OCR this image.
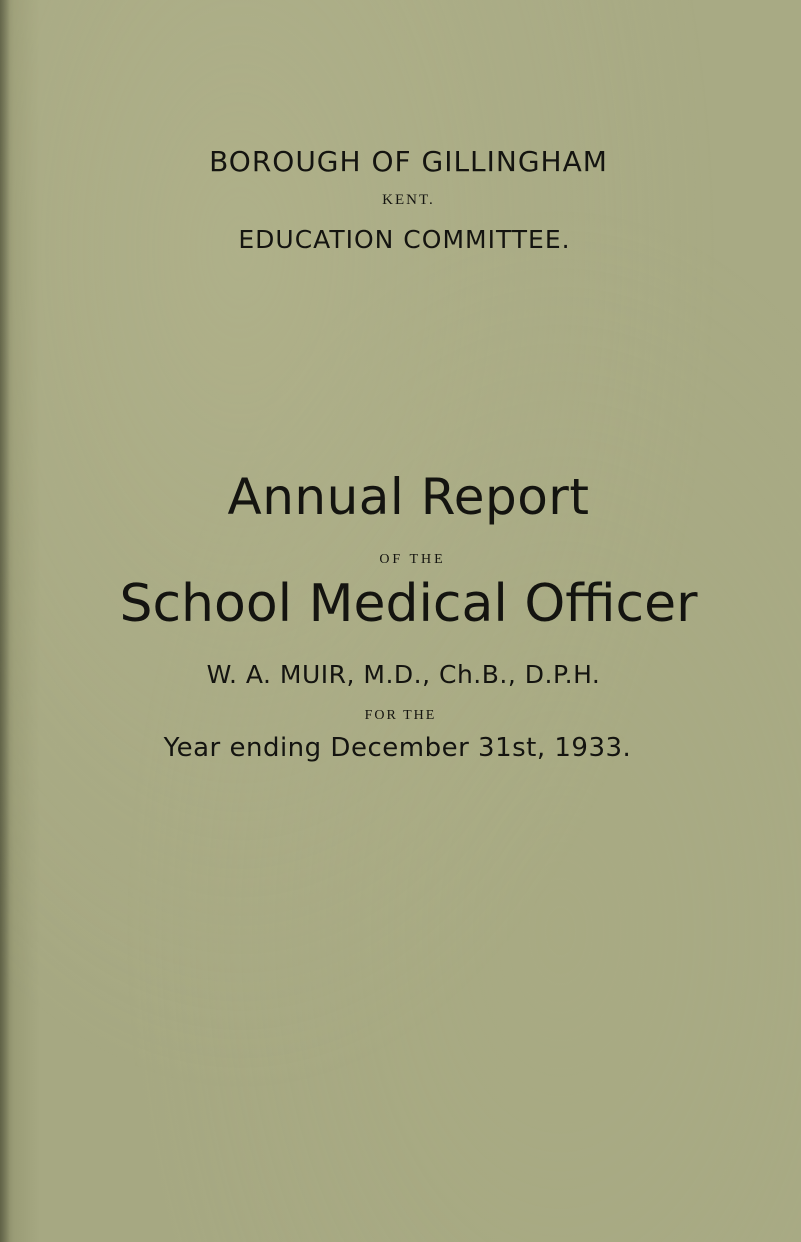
BOROUGH OF GILLINGHAM
KENT.
EDUCATION COMMITTEE.
Annual Report
OF THE
School Medical Officer
W. A. MUIR, M.D., Ch.B., D.P.H.
FOR THE
Year ending December 31st, 1933.
